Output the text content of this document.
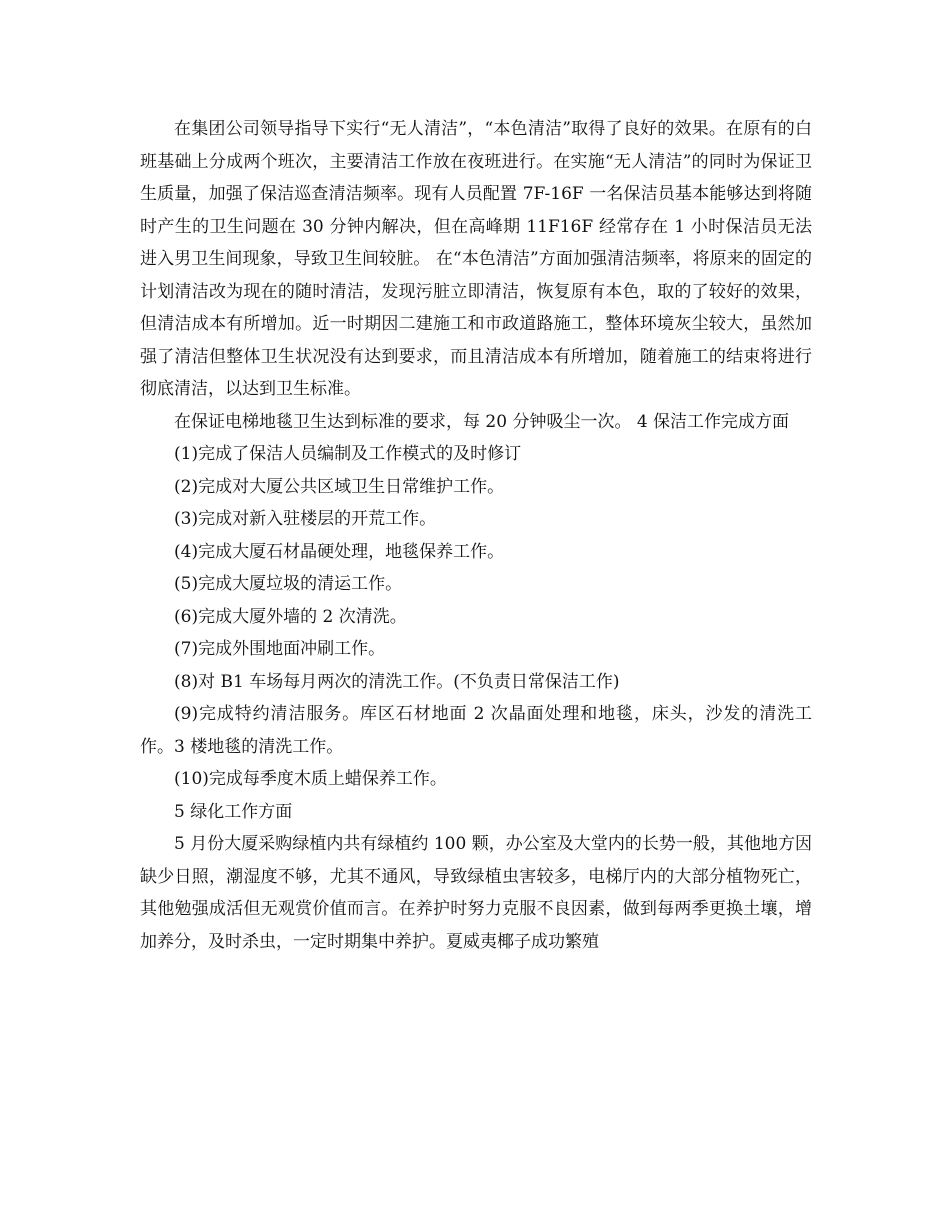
在集团公司领导指导下实行“无人清洁”，“本色清洁”取得了良好的效果。在原有的白班基础上分成两个班次，主要清洁工作放在夜班进行。在实施“无人清洁”的同时为保证卫生质量，加强了保洁巡查清洁频率。现有人员配置 7F-16F 一名保洁员基本能够达到将随时产生的卫生问题在 30 分钟内解决，但在高峰期 11F16F 经常存在 1 小时保洁员无法进入男卫生间现象，导致卫生间较脏。 在“本色清洁”方面加强清洁频率，将原来的固定的计划清洁改为现在的随时清洁，发现污脏立即清洁，恢复原有本色，取的了较好的效果，但清洁成本有所增加。近一时期因二建施工和市政道路施工，整体环境灰尘较大，虽然加强了清洁但整体卫生状况没有达到要求，而且清洁成本有所增加，随着施工的结束将进行彻底清洁，以达到卫生标准。

在保证电梯地毯卫生达到标准的要求，每 20 分钟吸尘一次。 4 保洁工作完成方面

(1)完成了保洁人员编制及工作模式的及时修订

(2)完成对大厦公共区域卫生日常维护工作。

(3)完成对新入驻楼层的开荒工作。

(4)完成大厦石材晶硬处理，地毯保养工作。

(5)完成大厦垃圾的清运工作。

(6)完成大厦外墙的 2 次清洗。

(7)完成外围地面冲刷工作。

(8)对 B1 车场每月两次的清洗工作。(不负责日常保洁工作)

(9)完成特约清洁服务。库区石材地面 2 次晶面处理和地毯，床头，沙发的清洗工作。3 楼地毯的清洗工作。

(10)完成每季度木质上蜡保养工作。

5 绿化工作方面

5 月份大厦采购绿植内共有绿植约 100 颗，办公室及大堂内的长势一般，其他地方因缺少日照，潮湿度不够，尤其不通风，导致绿植虫害较多，电梯厅内的大部分植物死亡，其他勉强成活但无观赏价值而言。在养护时努力克服不良因素，做到每两季更换土壤，增加养分，及时杀虫，一定时期集中养护。夏威夷椰子成功繁殖
